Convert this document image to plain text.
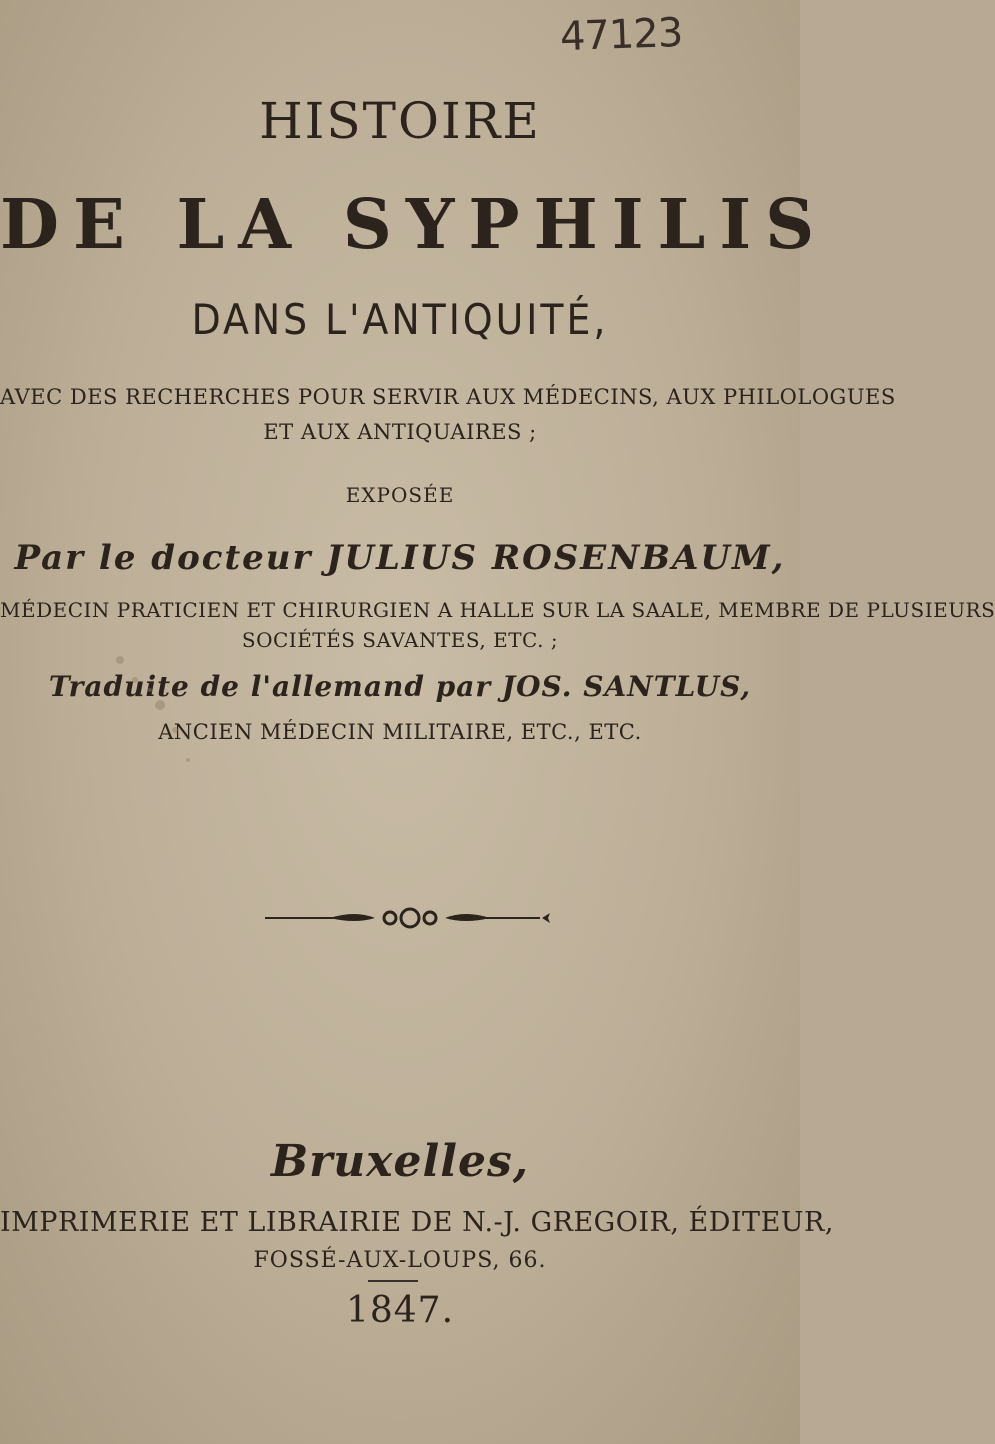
47123
HISTOIRE
DE LA SYPHILIS
DANS L'ANTIQUITÉ,
AVEC DES RECHERCHES POUR SERVIR AUX MÉDECINS, AUX PHILOLOGUES
ET AUX ANTIQUAIRES ;
EXPOSÉE
Par le docteur JULIUS ROSENBAUM,
MÉDECIN PRATICIEN ET CHIRURGIEN A HALLE SUR LA SAALE, MEMBRE DE PLUSIEURS
SOCIÉTÉS SAVANTES, ETC. ;
Traduite de l'allemand par JOS. SANTLUS,
ANCIEN MÉDECIN MILITAIRE, ETC., ETC.
Bruxelles,
IMPRIMERIE ET LIBRAIRIE DE N.-J. GREGOIR, ÉDITEUR,
FOSSÉ-AUX-LOUPS, 66.
1847.
